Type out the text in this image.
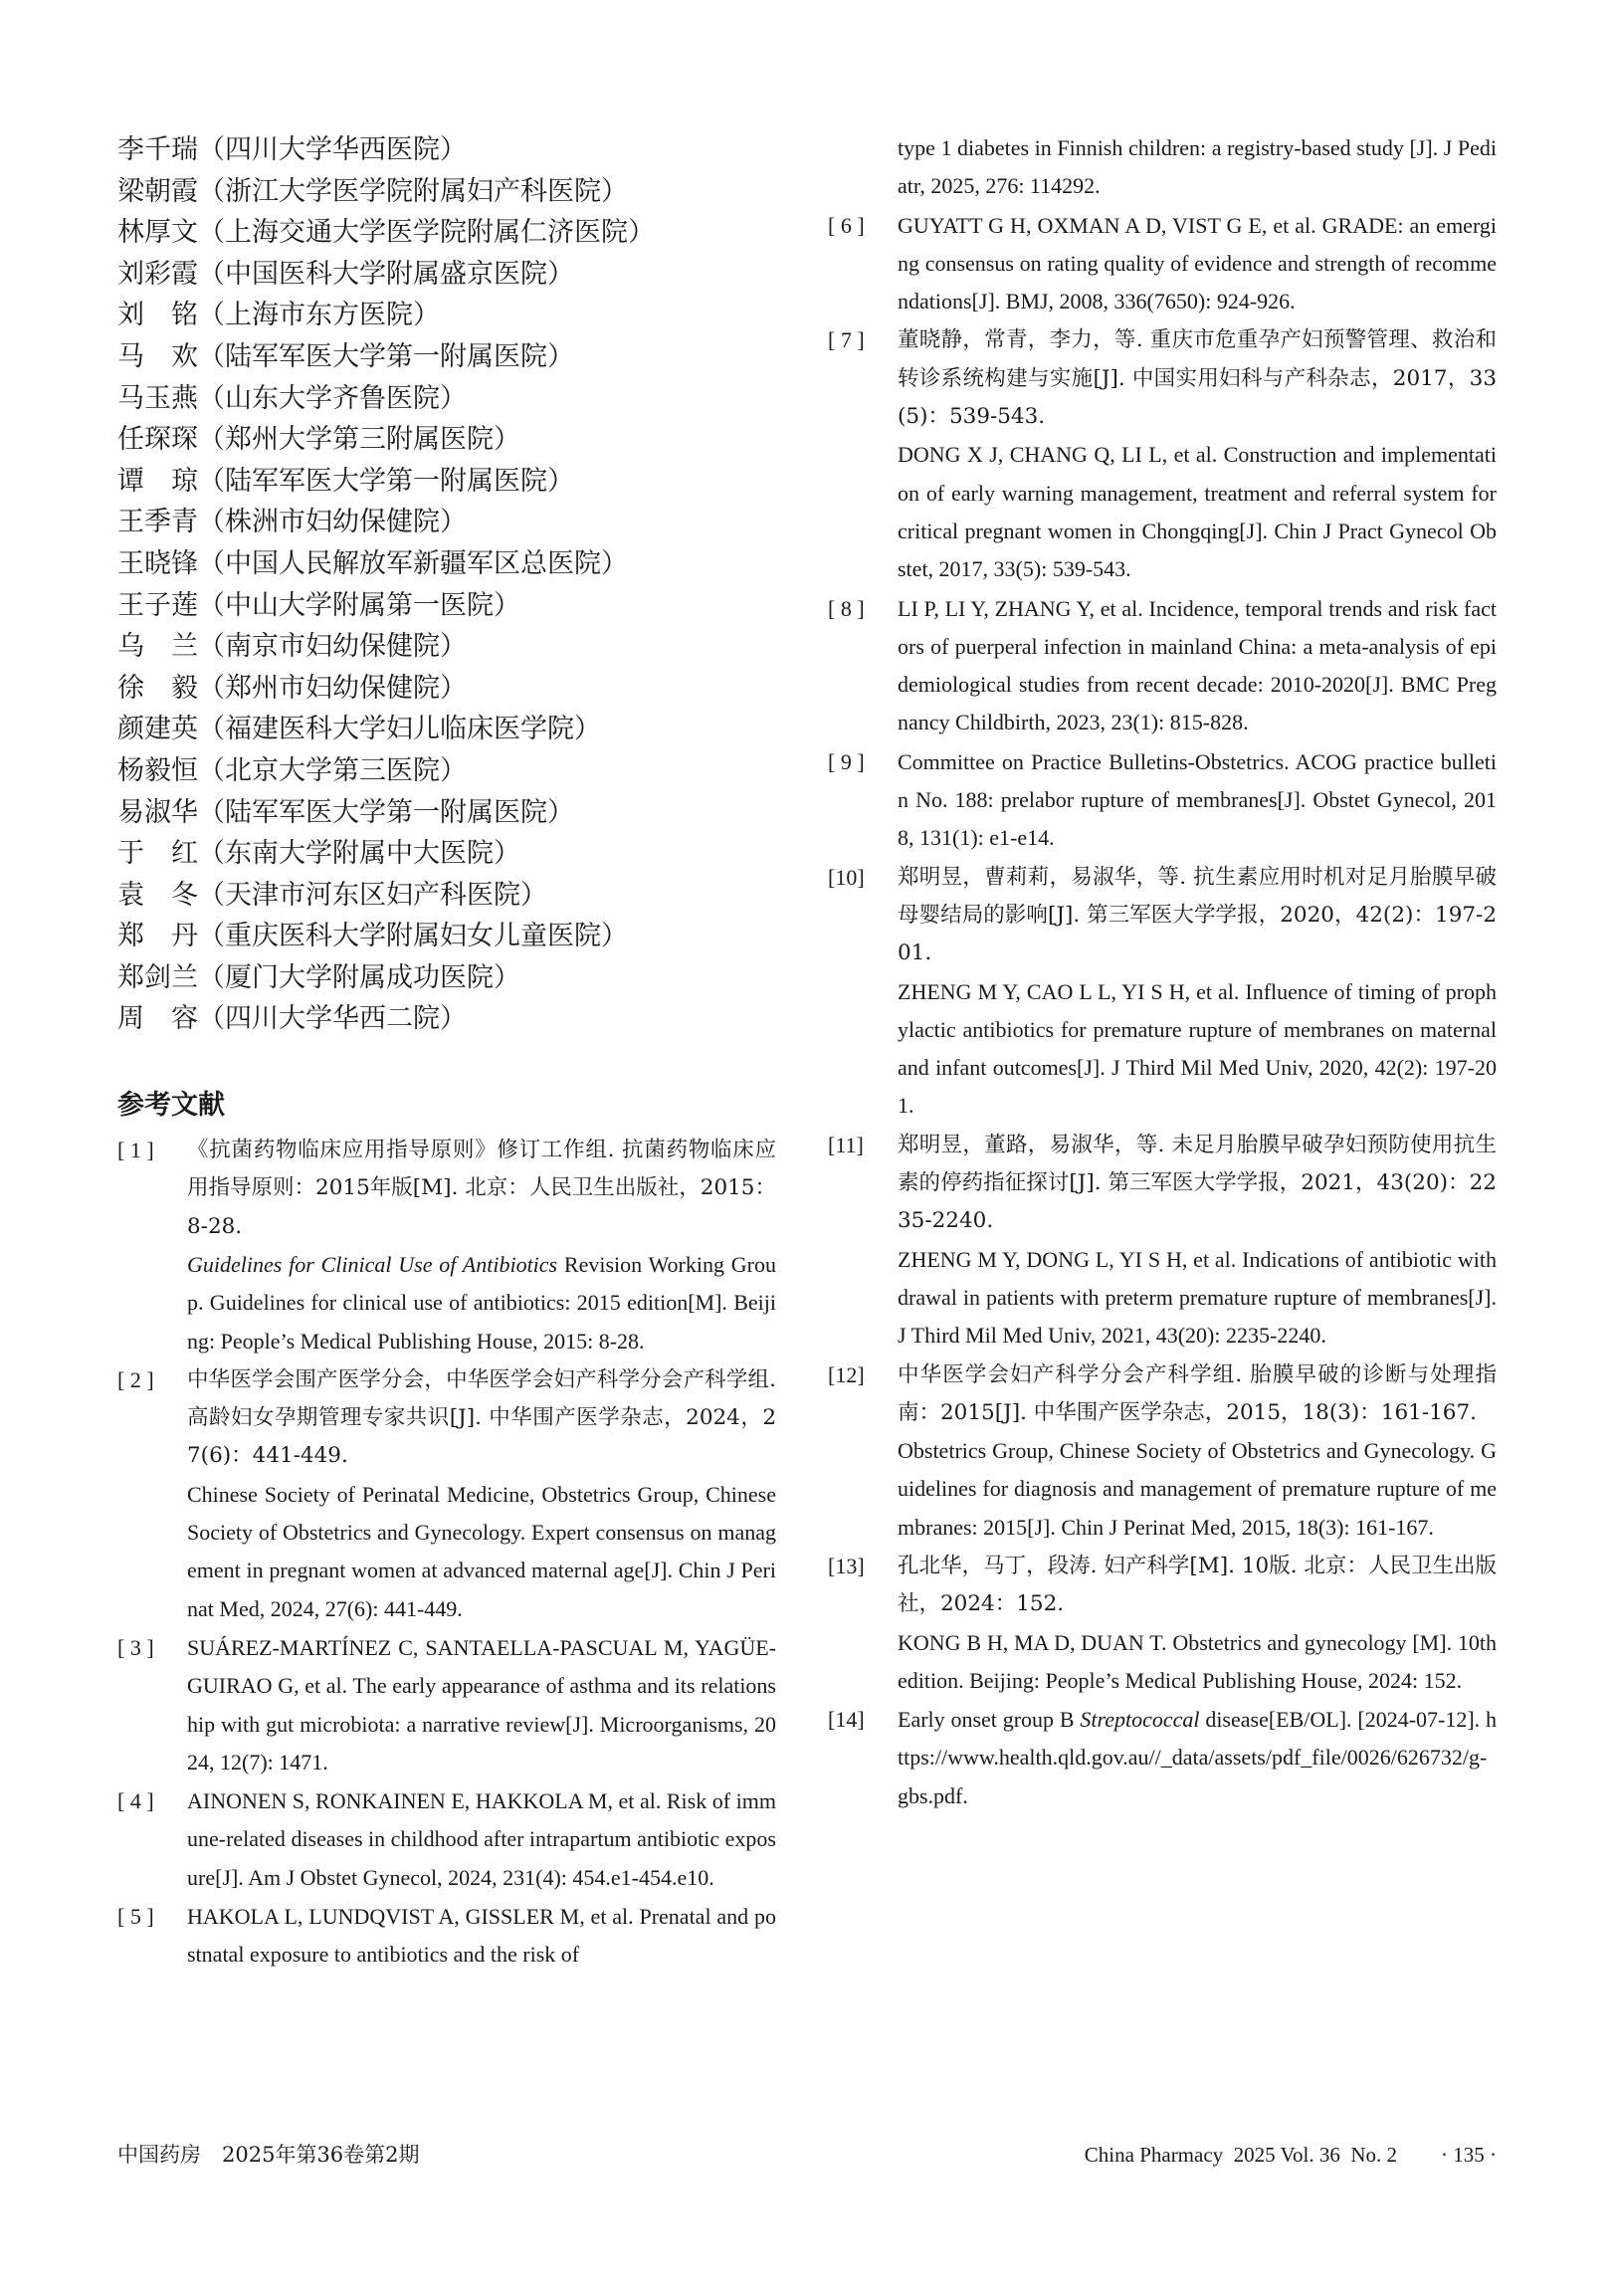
李千瑞（四川大学华西医院）
梁朝霞（浙江大学医学院附属妇产科医院）
林厚文（上海交通大学医学院附属仁济医院）
刘彩霞（中国医科大学附属盛京医院）
刘　铭（上海市东方医院）
马　欢（陆军军医大学第一附属医院）
马玉燕（山东大学齐鲁医院）
任琛琛（郑州大学第三附属医院）
谭　琼（陆军军医大学第一附属医院）
王季青（株洲市妇幼保健院）
王晓锋（中国人民解放军新疆军区总医院）
王子莲（中山大学附属第一医院）
乌　兰（南京市妇幼保健院）
徐　毅（郑州市妇幼保健院）
颜建英（福建医科大学妇儿临床医学院）
杨毅恒（北京大学第三医院）
易淑华（陆军军医大学第一附属医院）
于　红（东南大学附属中大医院）
袁　冬（天津市河东区妇产科医院）
郑　丹（重庆医科大学附属妇女儿童医院）
郑剑兰（厦门大学附属成功医院）
周　容（四川大学华西二院）
参考文献
[ 1 ]	《抗菌药物临床应用指导原则》修订工作组. 抗菌药物临床应用指导原则：2015年版[M]. 北京：人民卫生出版社，2015：8-28.

Guidelines for Clinical Use of Antibiotics Revision Working Group. Guidelines for clinical use of antibiotics: 2015 edition[M]. Beijing: People’s Medical Publishing House, 2015: 8-28.

[ 2 ]	中华医学会围产医学分会，中华医学会妇产科学分会产科学组. 高龄妇女孕期管理专家共识[J]. 中华围产医学杂志，2024，27(6)：441-449.

Chinese Society of Perinatal Medicine, Obstetrics Group, Chinese Society of Obstetrics and Gynecology. Expert consensus on management in pregnant women at advanced maternal age[J]. Chin J Perinat Med, 2024, 27(6): 441-449.

[ 3 ]	SUÁREZ-MARTÍNEZ C, SANTAELLA-PASCUAL M, YAGÜE-GUIRAO G, et al. The early appearance of asthma and its relationship with gut microbiota: a narrative review[J]. Microorganisms, 2024, 12(7): 1471.

[ 4 ]	AINONEN S, RONKAINEN E, HAKKOLA M, et al. Risk of immune-related diseases in childhood after intrapartum antibiotic exposure[J]. Am J Obstet Gynecol, 2024, 231(4): 454.e1-454.e10.

[ 5 ]	HAKOLA L, LUNDQVIST A, GISSLER M, et al. Prenatal and postnatal exposure to antibiotics and the risk of

type 1 diabetes in Finnish children: a registry-based study [J]. J Pediatr, 2025, 276: 114292.

[ 6 ]	GUYATT G H, OXMAN A D, VIST G E, et al. GRADE: an emerging consensus on rating quality of evidence and strength of recommendations[J]. BMJ, 2008, 336(7650): 924-926.

[ 7 ]	董晓静，常青，李力，等. 重庆市危重孕产妇预警管理、救治和转诊系统构建与实施[J]. 中国实用妇科与产科杂志，2017，33(5)：539-543.

DONG X J, CHANG Q, LI L, et al. Construction and implementation of early warning management, treatment and referral system for critical pregnant women in Chongqing[J]. Chin J Pract Gynecol Obstet, 2017, 33(5): 539-543.

[ 8 ]	LI P, LI Y, ZHANG Y, et al. Incidence, temporal trends and risk factors of puerperal infection in mainland China: a meta-analysis of epidemiological studies from recent decade: 2010-2020[J]. BMC Pregnancy Childbirth, 2023, 23(1): 815-828.

[ 9 ]	Committee on Practice Bulletins-Obstetrics. ACOG practice bulletin No. 188: prelabor rupture of membranes[J]. Obstet Gynecol, 2018, 131(1): e1-e14.

[10]	郑明昱，曹莉莉，易淑华，等. 抗生素应用时机对足月胎膜早破母婴结局的影响[J]. 第三军医大学学报，2020，42(2)：197-201.

ZHENG M Y, CAO L L, YI S H, et al. Influence of timing of prophylactic antibiotics for premature rupture of membranes on maternal and infant outcomes[J]. J Third Mil Med Univ, 2020, 42(2): 197-201.

[11]	郑明昱，董路，易淑华，等. 未足月胎膜早破孕妇预防使用抗生素的停药指征探讨[J]. 第三军医大学学报，2021，43(20)：2235-2240.

ZHENG M Y, DONG L, YI S H, et al. Indications of antibiotic withdrawal in patients with preterm premature rupture of membranes[J]. J Third Mil Med Univ, 2021, 43(20): 2235-2240.

[12]	中华医学会妇产科学分会产科学组. 胎膜早破的诊断与处理指南：2015[J]. 中华围产医学杂志，2015，18(3)：161-167.

Obstetrics Group, Chinese Society of Obstetrics and Gynecology. Guidelines for diagnosis and management of premature rupture of membranes: 2015[J]. Chin J Perinat Med, 2015, 18(3): 161-167.

[13]	孔北华，马丁，段涛. 妇产科学[M]. 10版. 北京：人民卫生出版社，2024：152.

KONG B H, MA D, DUAN T. Obstetrics and gynecology [M]. 10th edition. Beijing: People’s Medical Publishing House, 2024: 152.

[14]	Early onset group B Streptococcal disease[EB/OL]. [2024-07-12]. https://www.health.qld.gov.au//_data/assets/pdf_file/0026/626732/g-gbs.pdf.

中国药房　2025年第36卷第2期	China Pharmacy  2025 Vol. 36  No. 2 · 135 ·
